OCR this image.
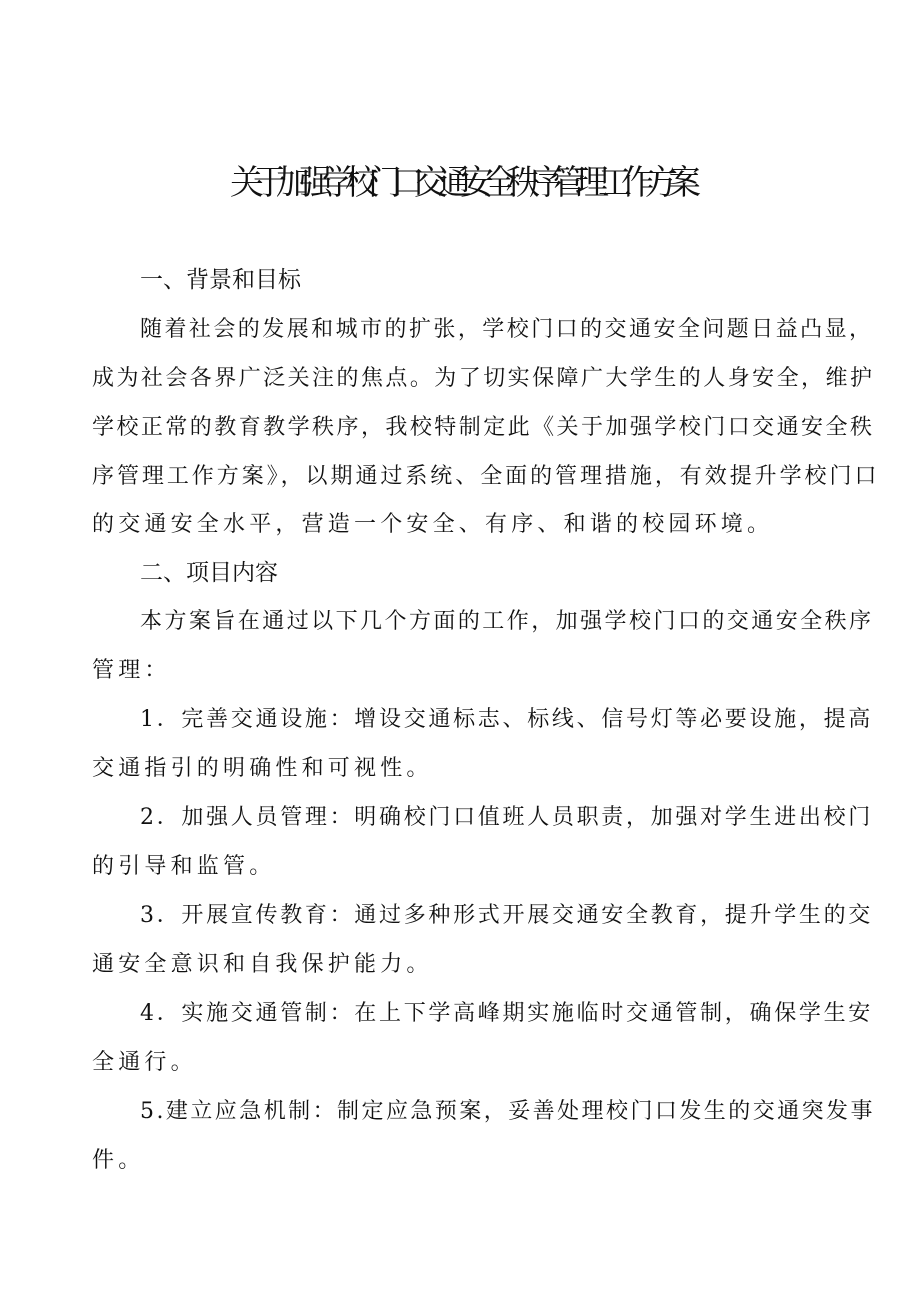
关于加强学校门口交通安全秩序管理工作方案
一、背景和目标

随着社会的发展和城市的扩张，学校门口的交通安全问题日益凸显，

成为社会各界广泛关注的焦点。为了切实保障广大学生的人身安全，维护

学校正常的教育教学秩序，我校特制定此《关于加强学校门口交通安全秩

序管理工作方案》，以期通过系统、全面的管理措施，有效提升学校门口

的交通安全水平，营造一个安全、有序、和谐的校园环境。

二、项目内容

本方案旨在通过以下几个方面的工作，加强学校门口的交通安全秩序

管理：

1．完善交通设施：增设交通标志、标线、信号灯等必要设施，提高

交通指引的明确性和可视性。

2．加强人员管理：明确校门口值班人员职责，加强对学生进出校门

的引导和监管。

3．开展宣传教育：通过多种形式开展交通安全教育，提升学生的交

通安全意识和自我保护能力。

4．实施交通管制：在上下学高峰期实施临时交通管制，确保学生安

全通行。

5.建立应急机制：制定应急预案，妥善处理校门口发生的交通突发事

件。
